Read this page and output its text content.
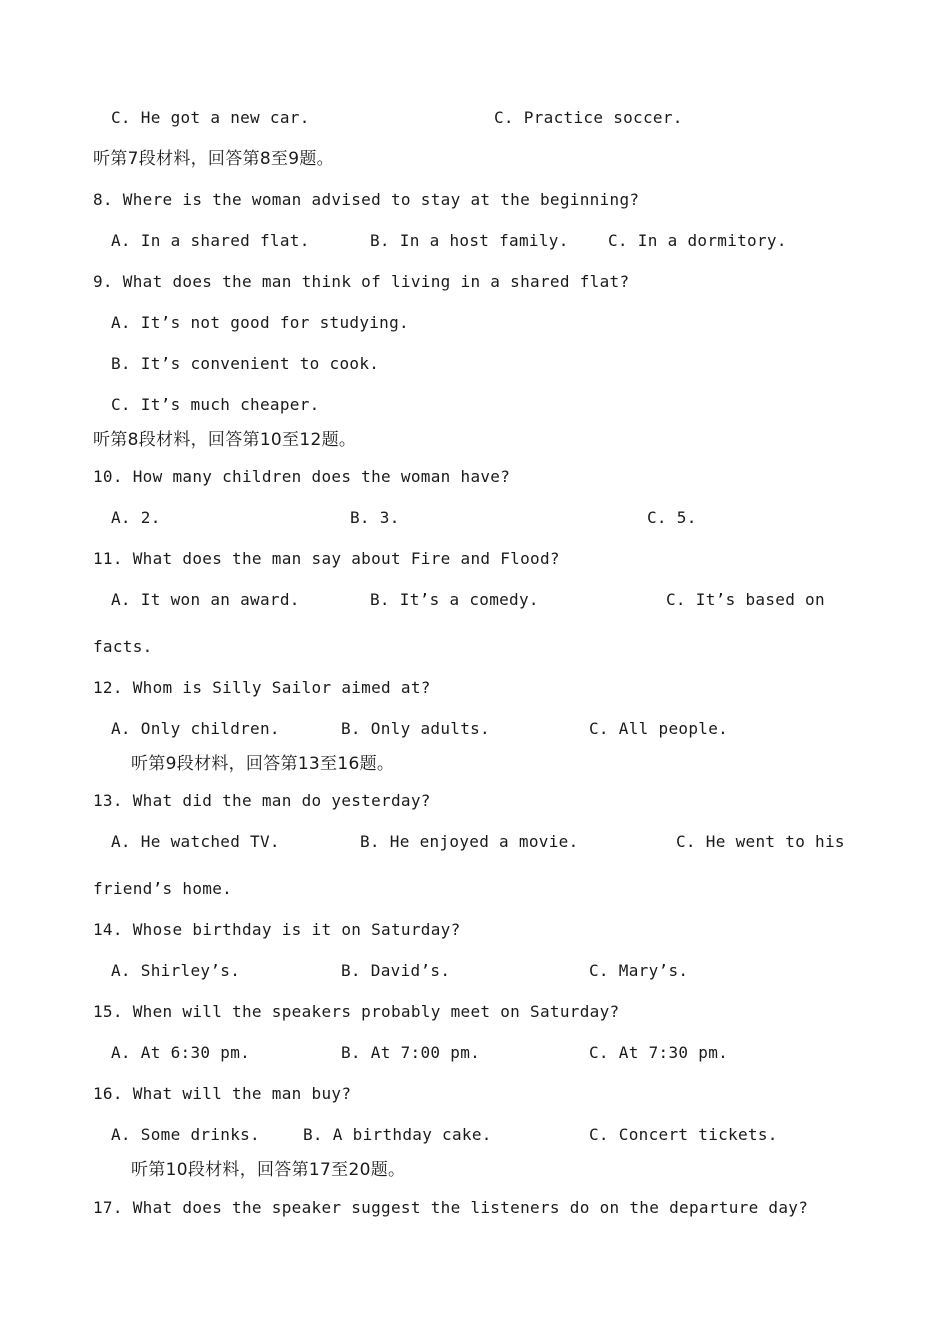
C. He got a new car.	C. Practice soccer.
听第7段材料，回答第8至9题。
8. Where is the woman advised to stay at the beginning?
A. In a shared flat.	B. In a host family. C. In a dormitory.
9. What does the man think of living in a shared flat?
A. It’s not good for studying.
B. It’s convenient to cook.
C. It’s much cheaper.
听第8段材料，回答第10至12题。
10. How many children does the woman have?
A. 2.	B. 3.	C. 5.
11. What does the man say about Fire and Flood?
A. It won an award.	B. It’s a comedy.	C. It’s based on
facts.
12. Whom is Silly Sailor aimed at?
A. Only children.	B. Only adults.	C. All people.
听第9段材料，回答第13至16题。
13. What did the man do yesterday?
A. He watched TV.	B. He enjoyed a movie.	C. He went to his
friend’s home.
14. Whose birthday is it on Saturday?
A. Shirley’s.	B. David’s.	C. Mary’s.
15. When will the speakers probably meet on Saturday?
A. At 6:30 pm.	B. At 7:00 pm.	C. At 7:30 pm.
16. What will the man buy?
A. Some drinks.	B. A birthday cake.	C. Concert tickets.
听第10段材料，回答第17至20题。
17. What does the speaker suggest the listeners do on the departure day?
